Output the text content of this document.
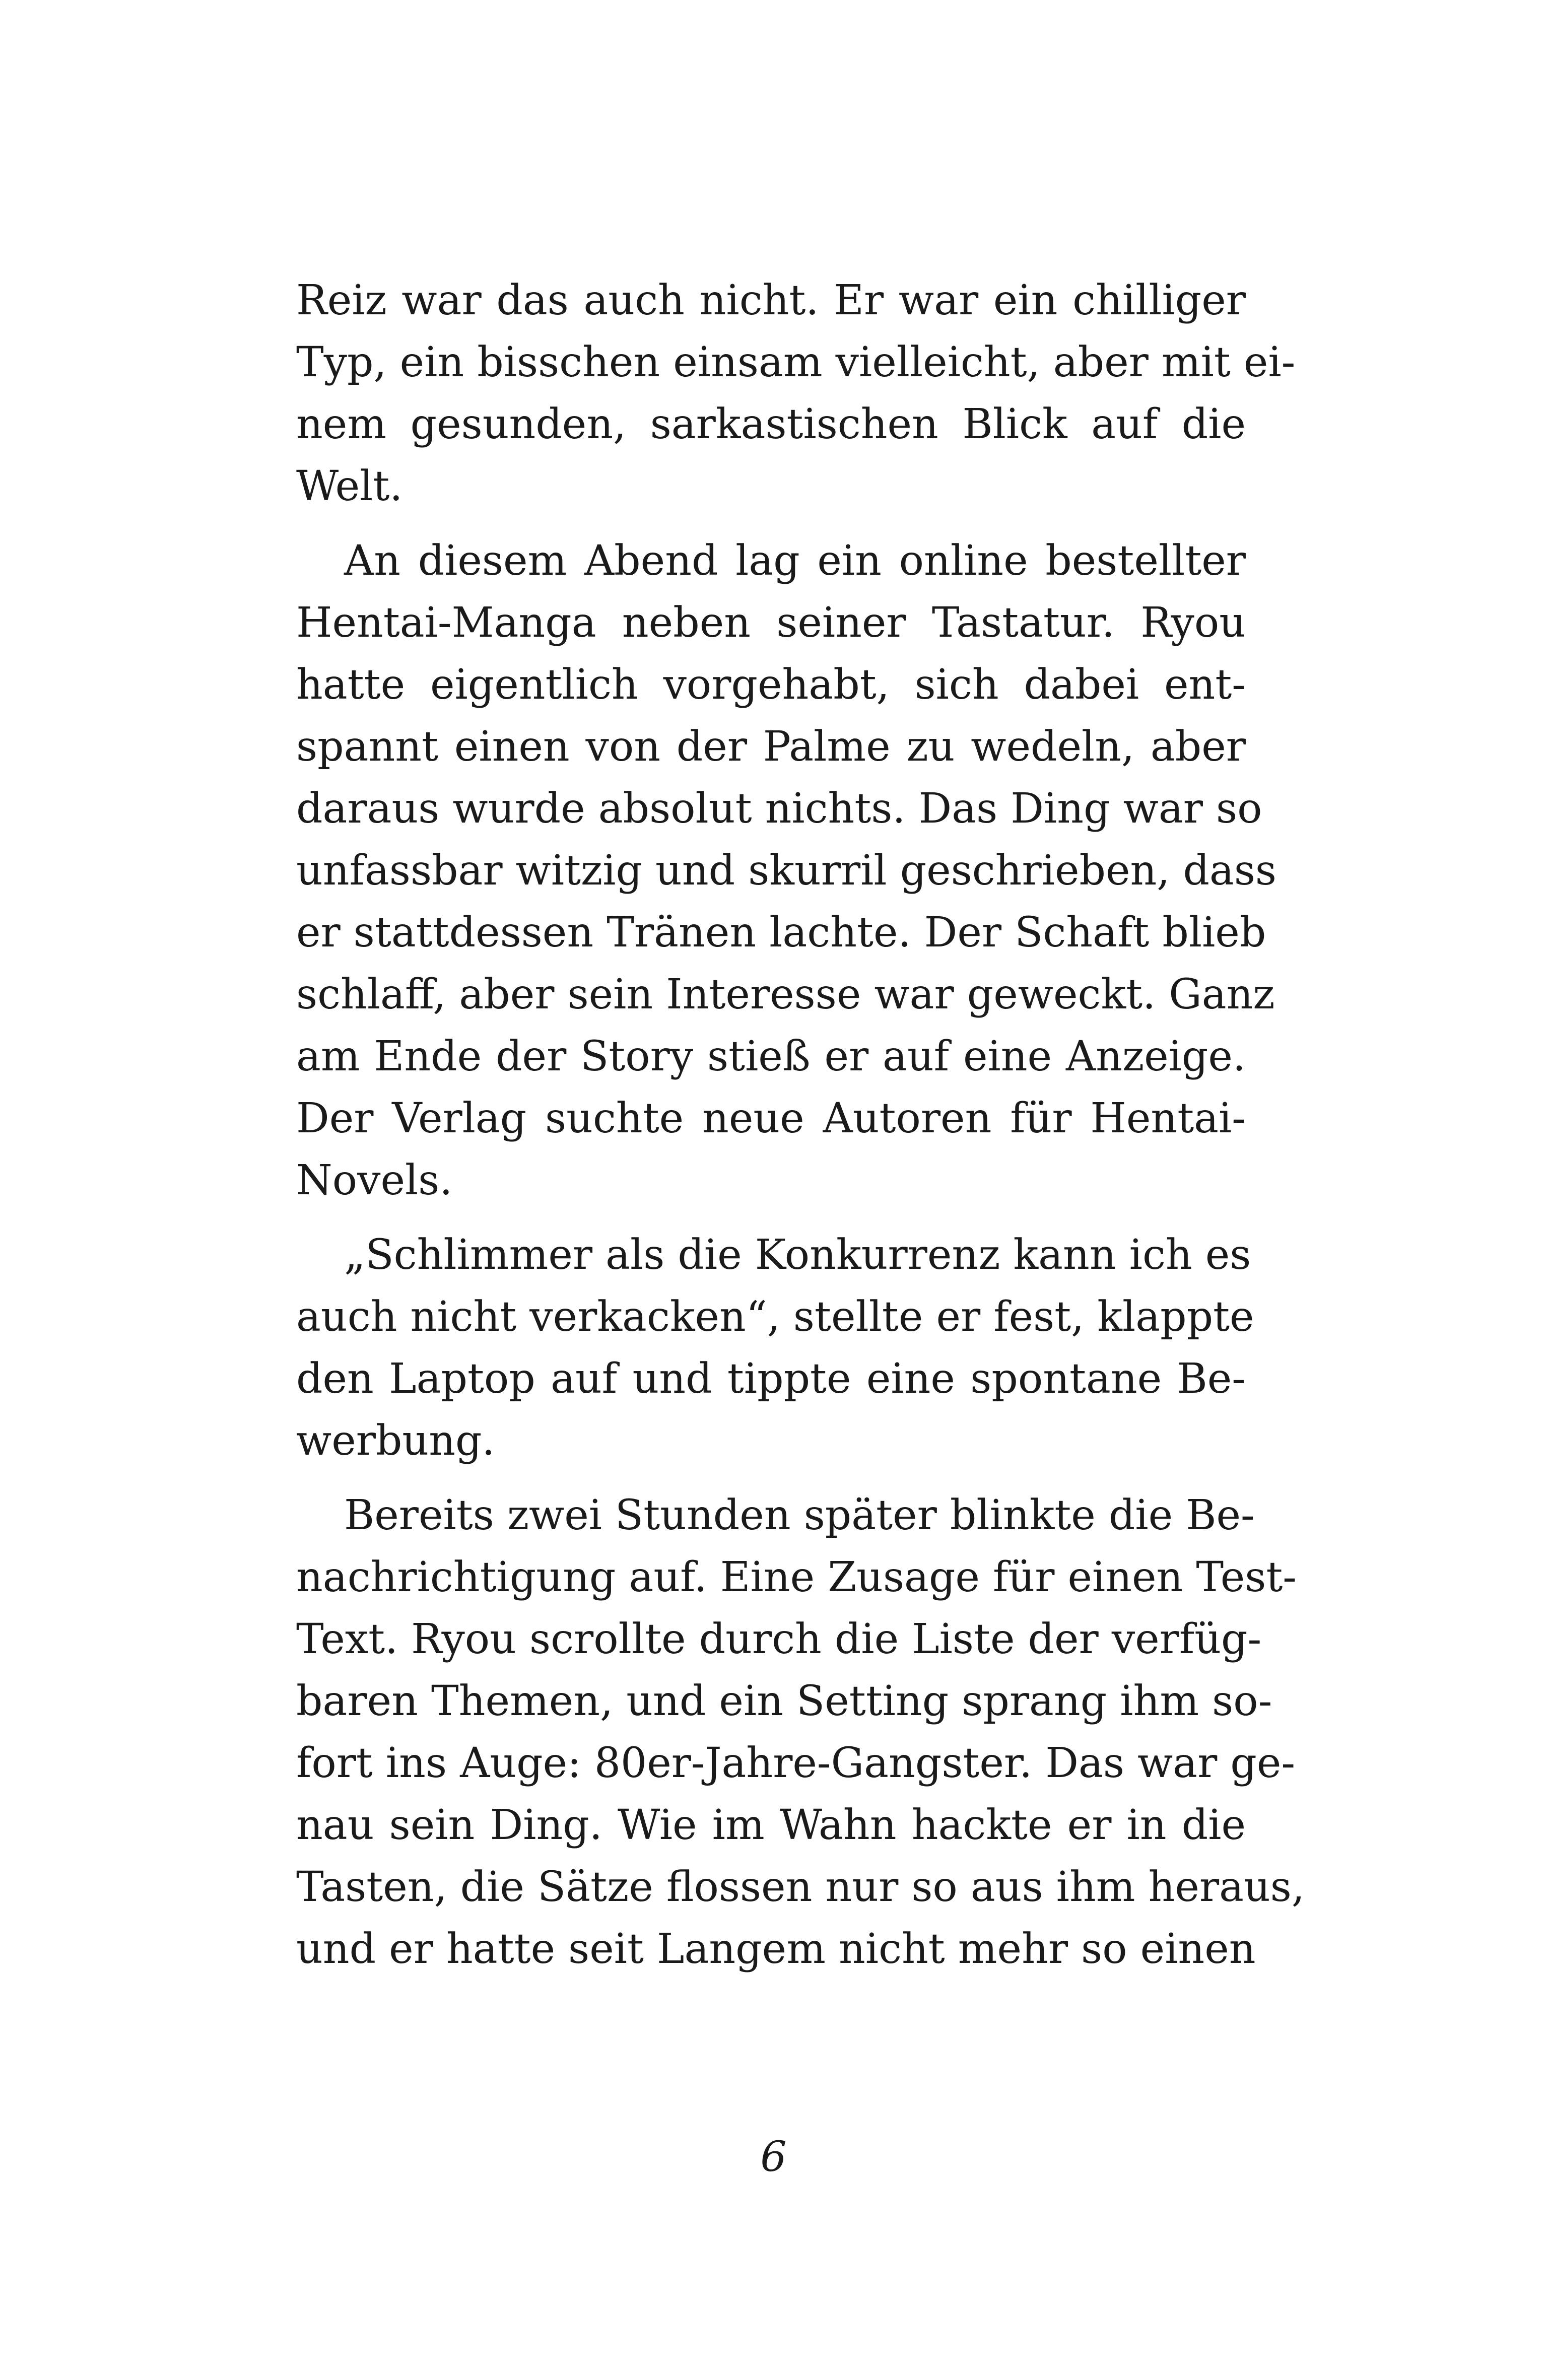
Reiz war das auch nicht. Er war ein chilliger
Typ, ein bisschen einsam vielleicht, aber mit ei-
nem gesunden, sarkastischen Blick auf die
Welt.

An diesem Abend lag ein online bestellter
Hentai-Manga neben seiner Tastatur. Ryou
hatte eigentlich vorgehabt, sich dabei ent-
spannt einen von der Palme zu wedeln, aber
daraus wurde absolut nichts. Das Ding war so
unfassbar witzig und skurril geschrieben, dass
er stattdessen Tränen lachte. Der Schaft blieb
schlaff, aber sein Interesse war geweckt. Ganz
am Ende der Story stieß er auf eine Anzeige.
Der Verlag suchte neue Autoren für Hentai-
Novels.

„Schlimmer als die Konkurrenz kann ich es
auch nicht verkacken“, stellte er fest, klappte
den Laptop auf und tippte eine spontane Be-
werbung.

Bereits zwei Stunden später blinkte die Be-
nachrichtigung auf. Eine Zusage für einen Test-
Text. Ryou scrollte durch die Liste der verfüg-
baren Themen, und ein Setting sprang ihm so-
fort ins Auge: 80er-Jahre-Gangster. Das war ge-
nau sein Ding. Wie im Wahn hackte er in die
Tasten, die Sätze flossen nur so aus ihm heraus,
und er hatte seit Langem nicht mehr so einen

6
